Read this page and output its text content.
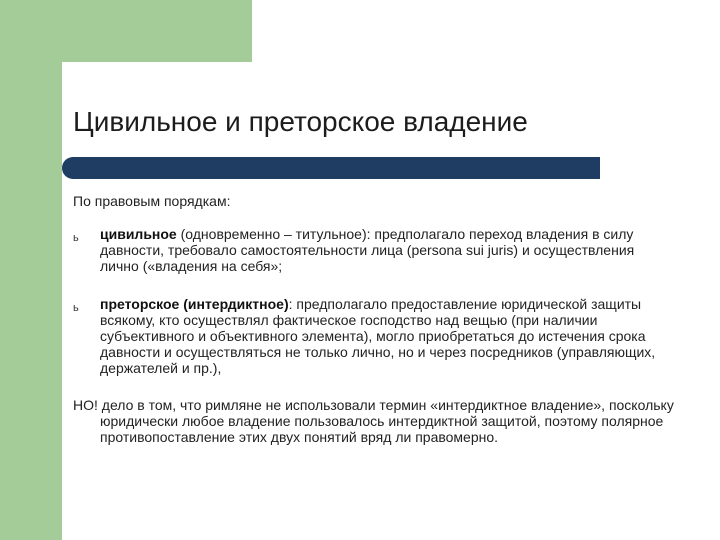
Цивильное и преторское владение
По правовым порядкам:
ь цивильное (одновременно – титульное): предполагало переход владения в силу давности, требовало самостоятельности лица (persona sui juris) и осуществления лично («владения на себя»;
ь преторское (интердиктное): предполагало предоставление юридической защиты всякому, кто осуществлял фактическое господство над вещью (при наличии субъективного и объективного элемента), могло приобретаться до истечения срока давности и осуществляться не только лично, но и через посредников (управляющих, держателей и пр.),
НО! дело в том, что римляне не использовали термин «интердиктное владение», поскольку юридически любое владение пользовалось интердиктной защитой, поэтому полярное противопоставление этих двух понятий вряд ли правомерно.
